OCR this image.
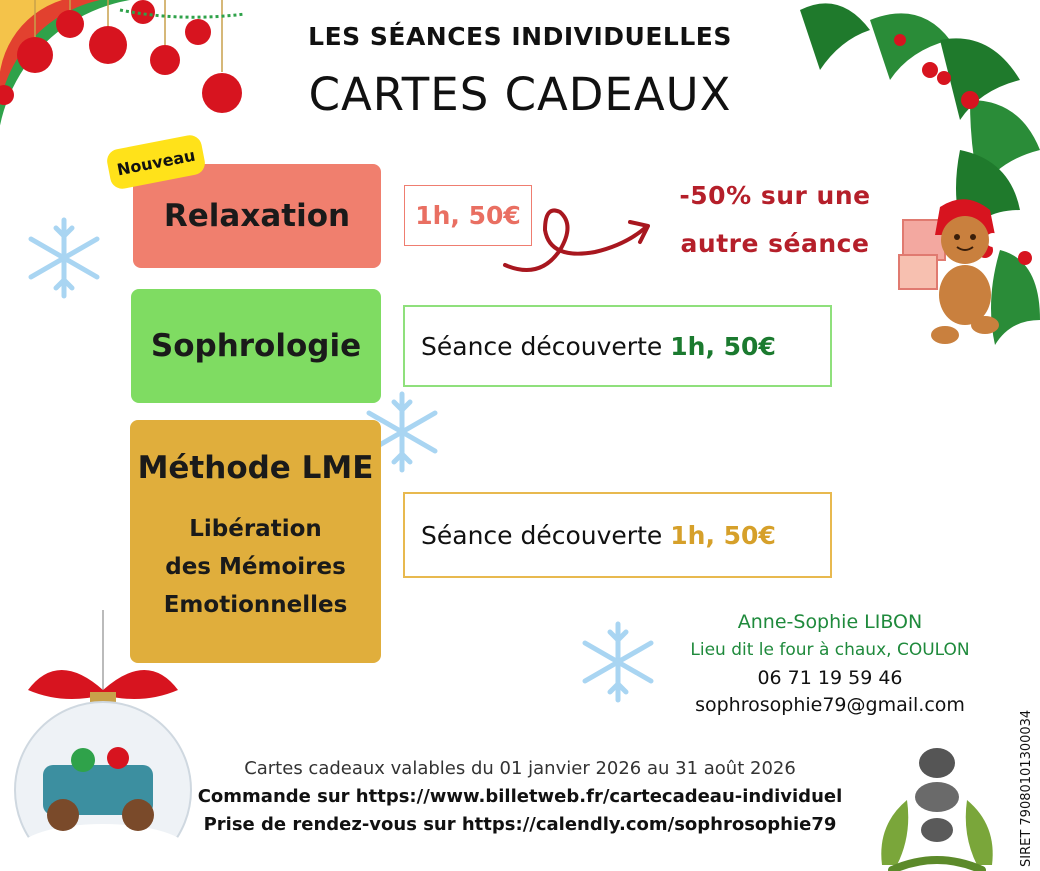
LES SÉANCES INDIVIDUELLES
CARTES CADEAUX
Relaxation
Nouveau
Sophrologie
Méthode LME
Libération
des Mémoires
Emotionnelles
1h, 50€
Séance découverte 1h, 50€
Séance découverte 1h, 50€
-50% sur une
autre séance
Anne-Sophie LIBON
Lieu dit le four à chaux, COULON
06 71 19 59 46
sophrosophie79@gmail.com
Cartes cadeaux valables du 01 janvier 2026 au 31 août 2026
Commande sur https://www.billetweb.fr/cartecadeau-individuel
Prise de rendez-vous sur https://calendly.com/sophrosophie79	SIRET 79080101300034
